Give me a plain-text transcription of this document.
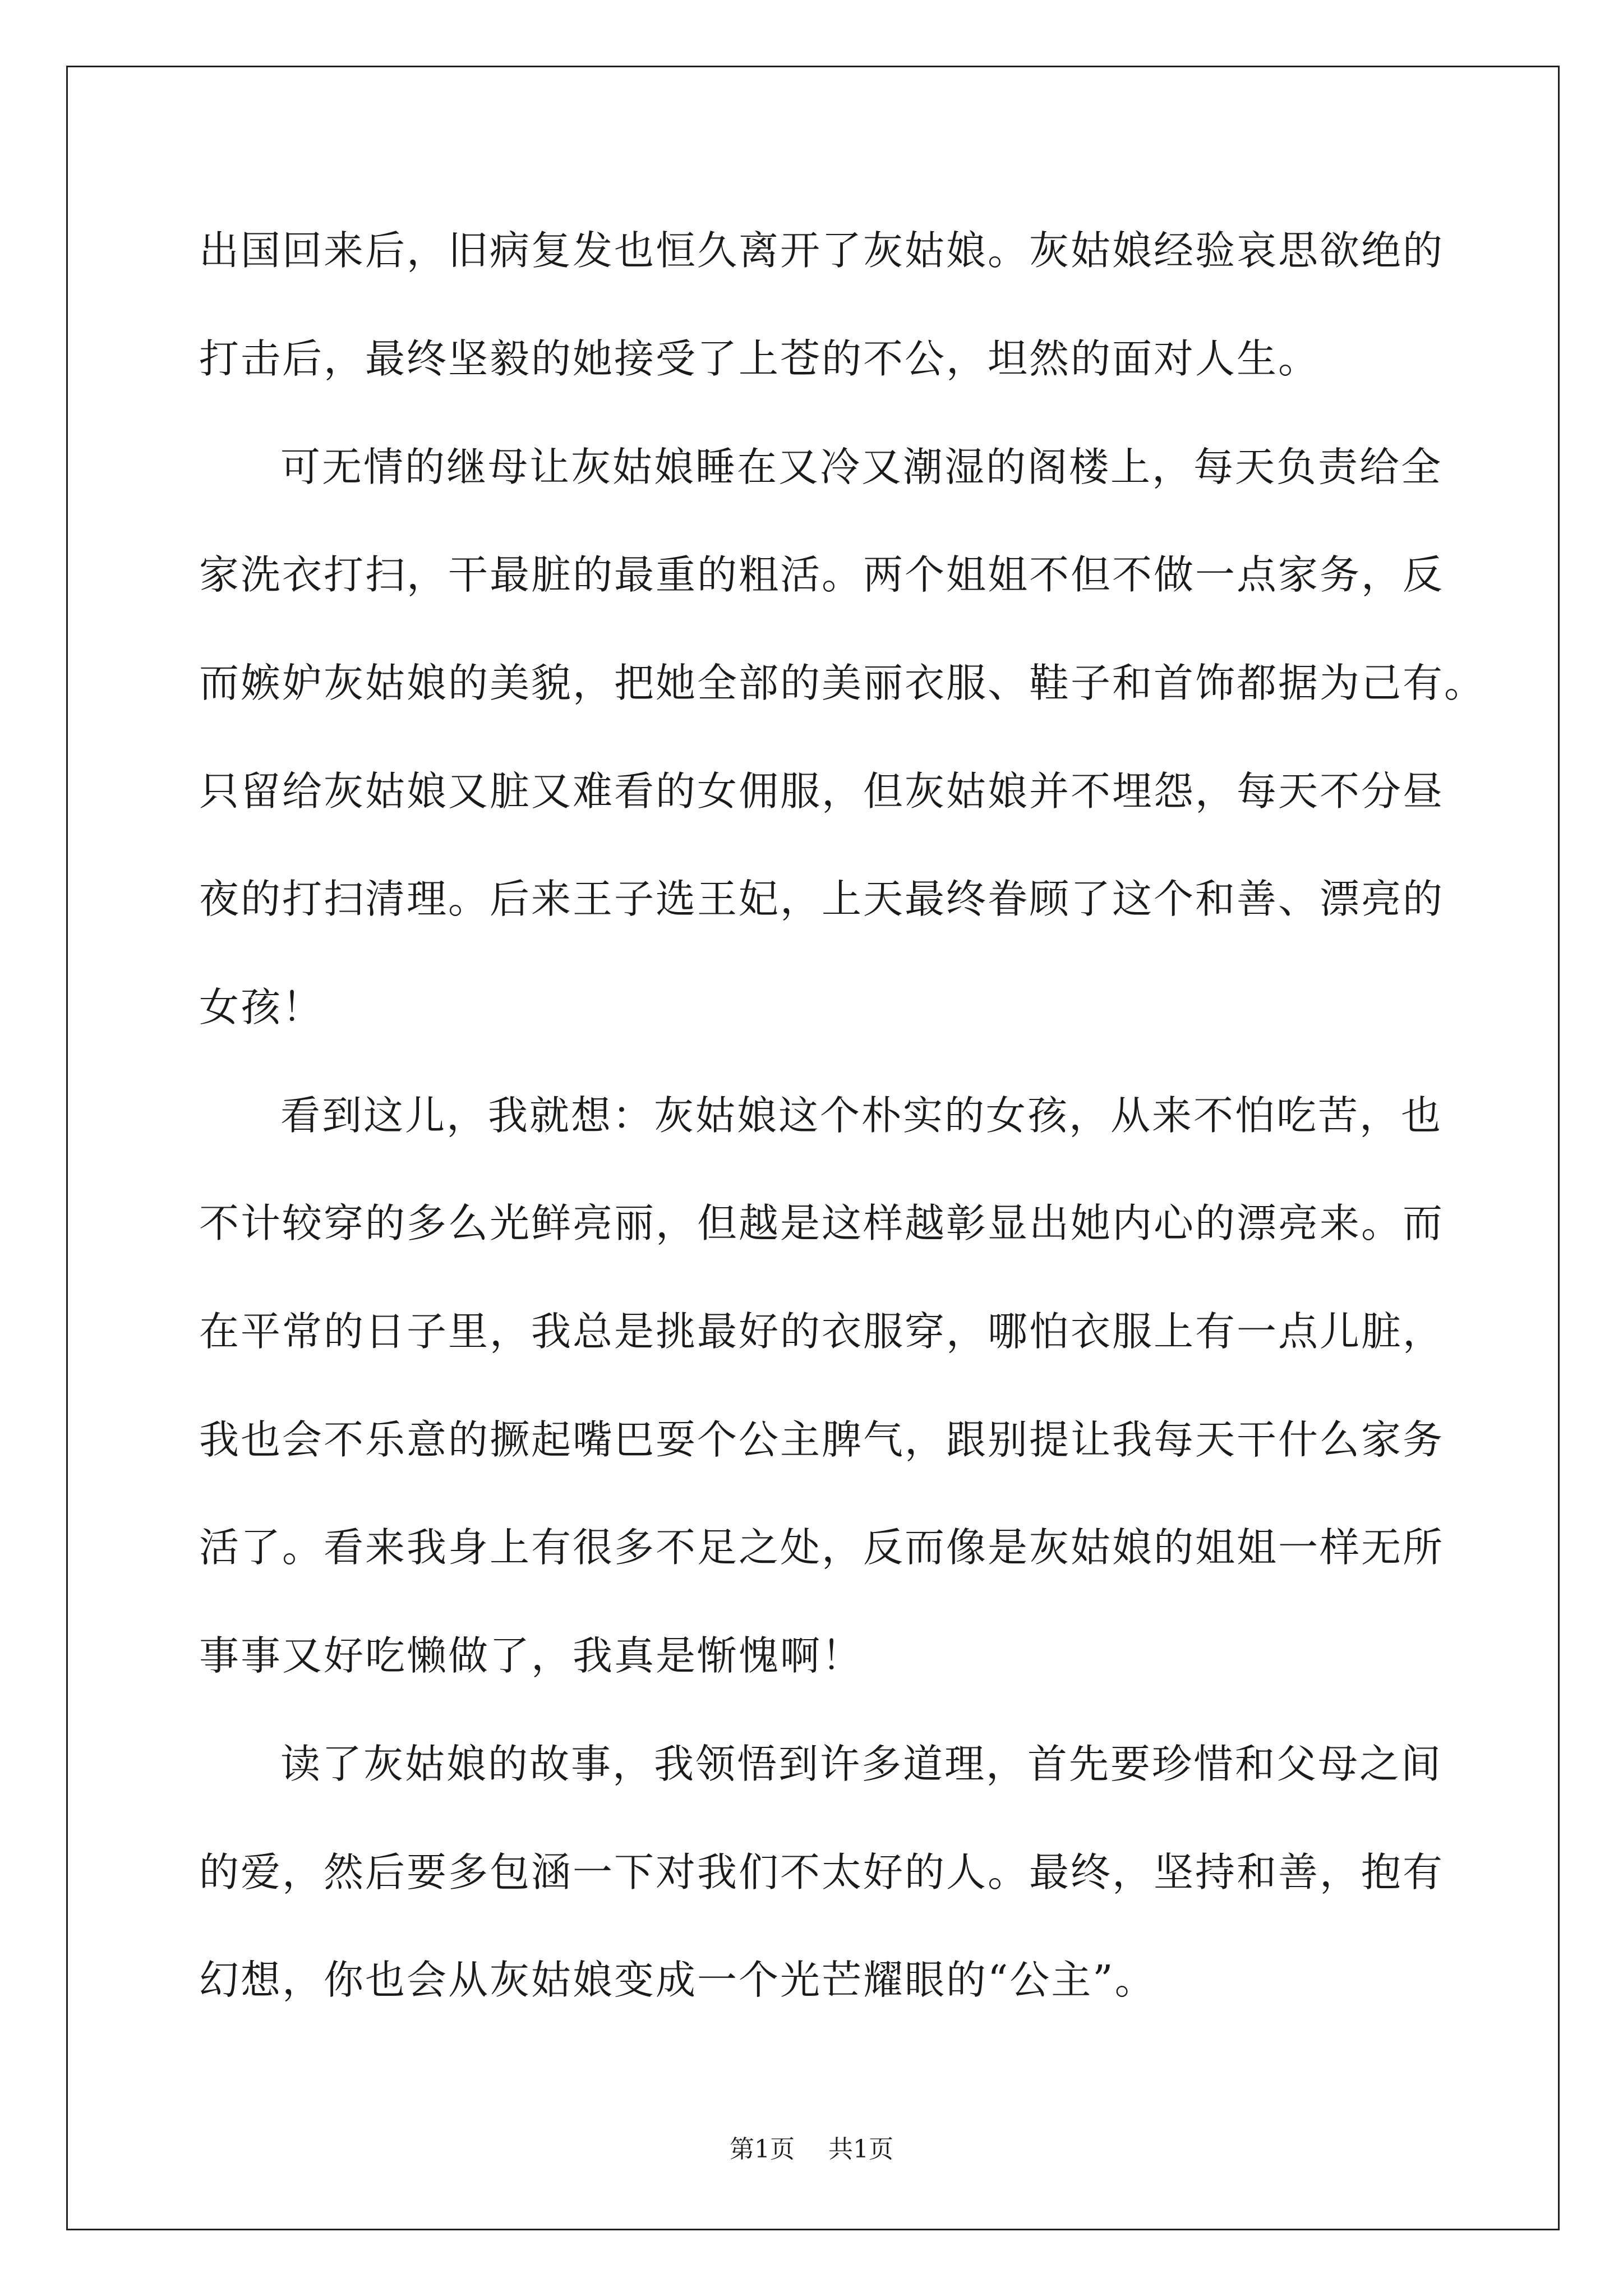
出国回来后，旧病复发也恒久离开了灰姑娘。灰姑娘经验哀思欲绝的

打击后，最终坚毅的她接受了上苍的不公，坦然的面对人生。

可无情的继母让灰姑娘睡在又冷又潮湿的阁楼上，每天负责给全

家洗衣打扫，干最脏的最重的粗活。两个姐姐不但不做一点家务，反

而嫉妒灰姑娘的美貌，把她全部的美丽衣服、鞋子和首饰都据为己有。

只留给灰姑娘又脏又难看的女佣服，但灰姑娘并不埋怨，每天不分昼

夜的打扫清理。后来王子选王妃，上天最终眷顾了这个和善、漂亮的

女孩！

看到这儿，我就想：灰姑娘这个朴实的女孩，从来不怕吃苦，也

不计较穿的多么光鲜亮丽，但越是这样越彰显出她内心的漂亮来。而

在平常的日子里，我总是挑最好的衣服穿，哪怕衣服上有一点儿脏，

我也会不乐意的撅起嘴巴耍个公主脾气，跟别提让我每天干什么家务

活了。看来我身上有很多不足之处，反而像是灰姑娘的姐姐一样无所

事事又好吃懒做了，我真是惭愧啊！

读了灰姑娘的故事，我领悟到许多道理，首先要珍惜和父母之间

的爱，然后要多包涵一下对我们不太好的人。最终，坚持和善，抱有

幻想，你也会从灰姑娘变成一个光芒耀眼的“公主”。

第1页 共1页
